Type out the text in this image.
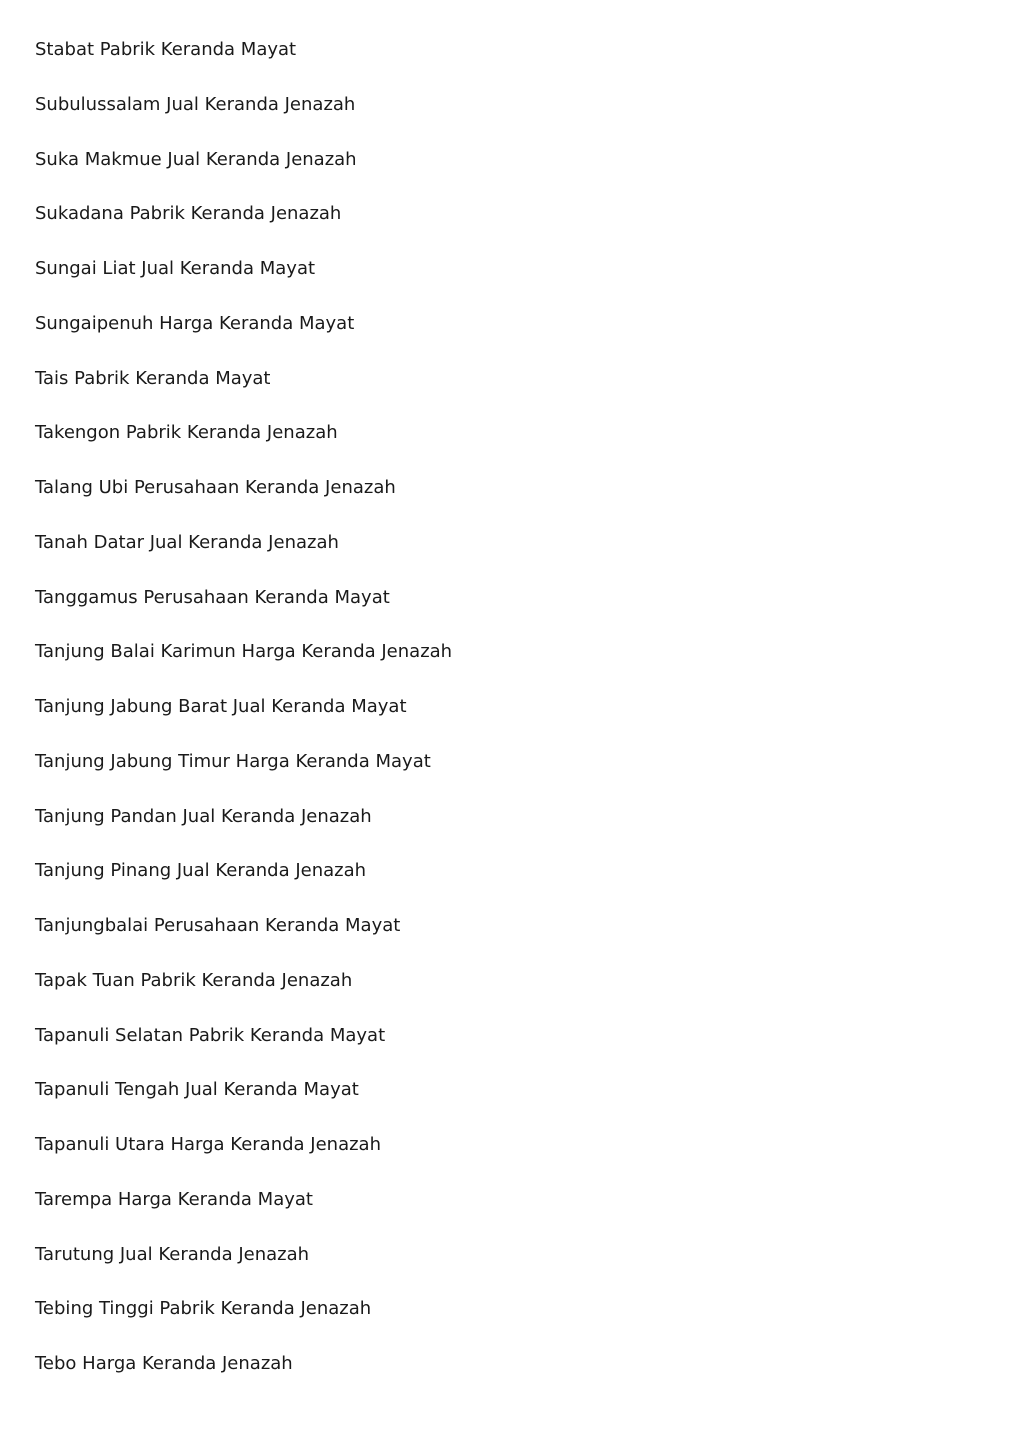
Stabat Pabrik Keranda Mayat
Subulussalam Jual Keranda Jenazah
Suka Makmue Jual Keranda Jenazah
Sukadana Pabrik Keranda Jenazah
Sungai Liat Jual Keranda Mayat
Sungaipenuh Harga Keranda Mayat
Tais Pabrik Keranda Mayat
Takengon Pabrik Keranda Jenazah
Talang Ubi Perusahaan Keranda Jenazah
Tanah Datar Jual Keranda Jenazah
Tanggamus Perusahaan Keranda Mayat
Tanjung Balai Karimun Harga Keranda Jenazah
Tanjung Jabung Barat Jual Keranda Mayat
Tanjung Jabung Timur Harga Keranda Mayat
Tanjung Pandan Jual Keranda Jenazah
Tanjung Pinang Jual Keranda Jenazah
Tanjungbalai Perusahaan Keranda Mayat
Tapak Tuan Pabrik Keranda Jenazah
Tapanuli Selatan Pabrik Keranda Mayat
Tapanuli Tengah Jual Keranda Mayat
Tapanuli Utara Harga Keranda Jenazah
Tarempa Harga Keranda Mayat
Tarutung Jual Keranda Jenazah
Tebing Tinggi Pabrik Keranda Jenazah
Tebo Harga Keranda Jenazah
